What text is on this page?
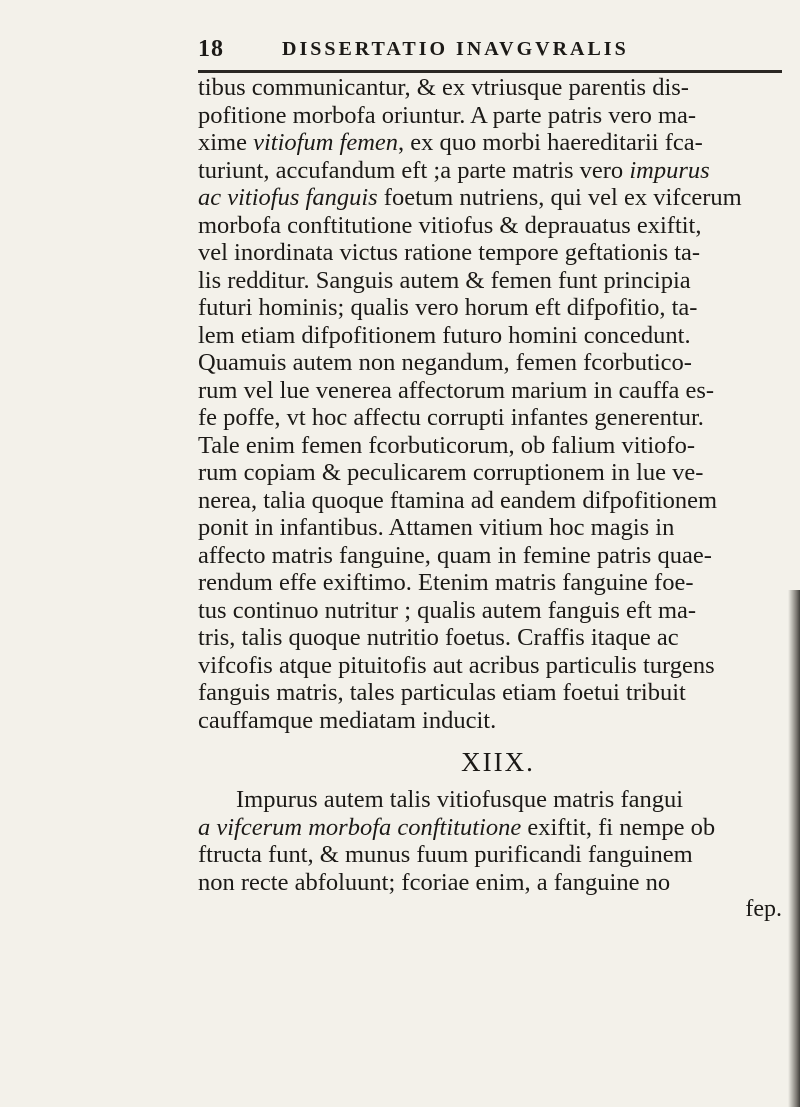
18	DISSERTATIO INAVGVRALIS
tibus communicantur, & ex vtriusque parentis dis-
pofitione morbofa oriuntur. A parte patris vero ma-
xime vitiofum femen, ex quo morbi haereditarii fca-
turiunt, accufandum eft ;a parte matris vero impurus
ac vitiofus fanguis foetum nutriens, qui vel ex vifcerum
morbofa conftitutione vitiofus & deprauatus exiftit,
vel inordinata victus ratione tempore geftationis ta-
lis redditur. Sanguis autem & femen funt principia
futuri hominis; qualis vero horum eft difpofitio, ta-
lem etiam difpofitionem futuro homini concedunt.
Quamuis autem non negandum, femen fcorbutico-
rum vel lue venerea affectorum marium in cauffa es-
fe poffe, vt hoc affectu corrupti infantes generentur.
Tale enim femen fcorbuticorum, ob falium vitiofo-
rum copiam & peculicarem corruptionem in lue ve-
nerea, talia quoque ftamina ad eandem difpofitionem
ponit in infantibus. Attamen vitium hoc magis in
affecto matris fanguine, quam in femine patris quae-
rendum effe exiftimo. Etenim matris fanguine foe-
tus continuo nutritur ; qualis autem fanguis eft ma-
tris, talis quoque nutritio foetus. Craffis itaque ac
vifcofis atque pituitofis aut acribus particulis turgens
fanguis matris, tales particulas etiam foetui tribuit
cauffamque mediatam inducit.
XIIX.
Impurus autem talis vitiofusque matris fangui
a vifcerum morbofa conftitutione exiftit, fi nempe ob
ftructa funt, & munus fuum purificandi fanguinem
non recte abfoluunt; fcoriae enim, a fanguine no
fep.
